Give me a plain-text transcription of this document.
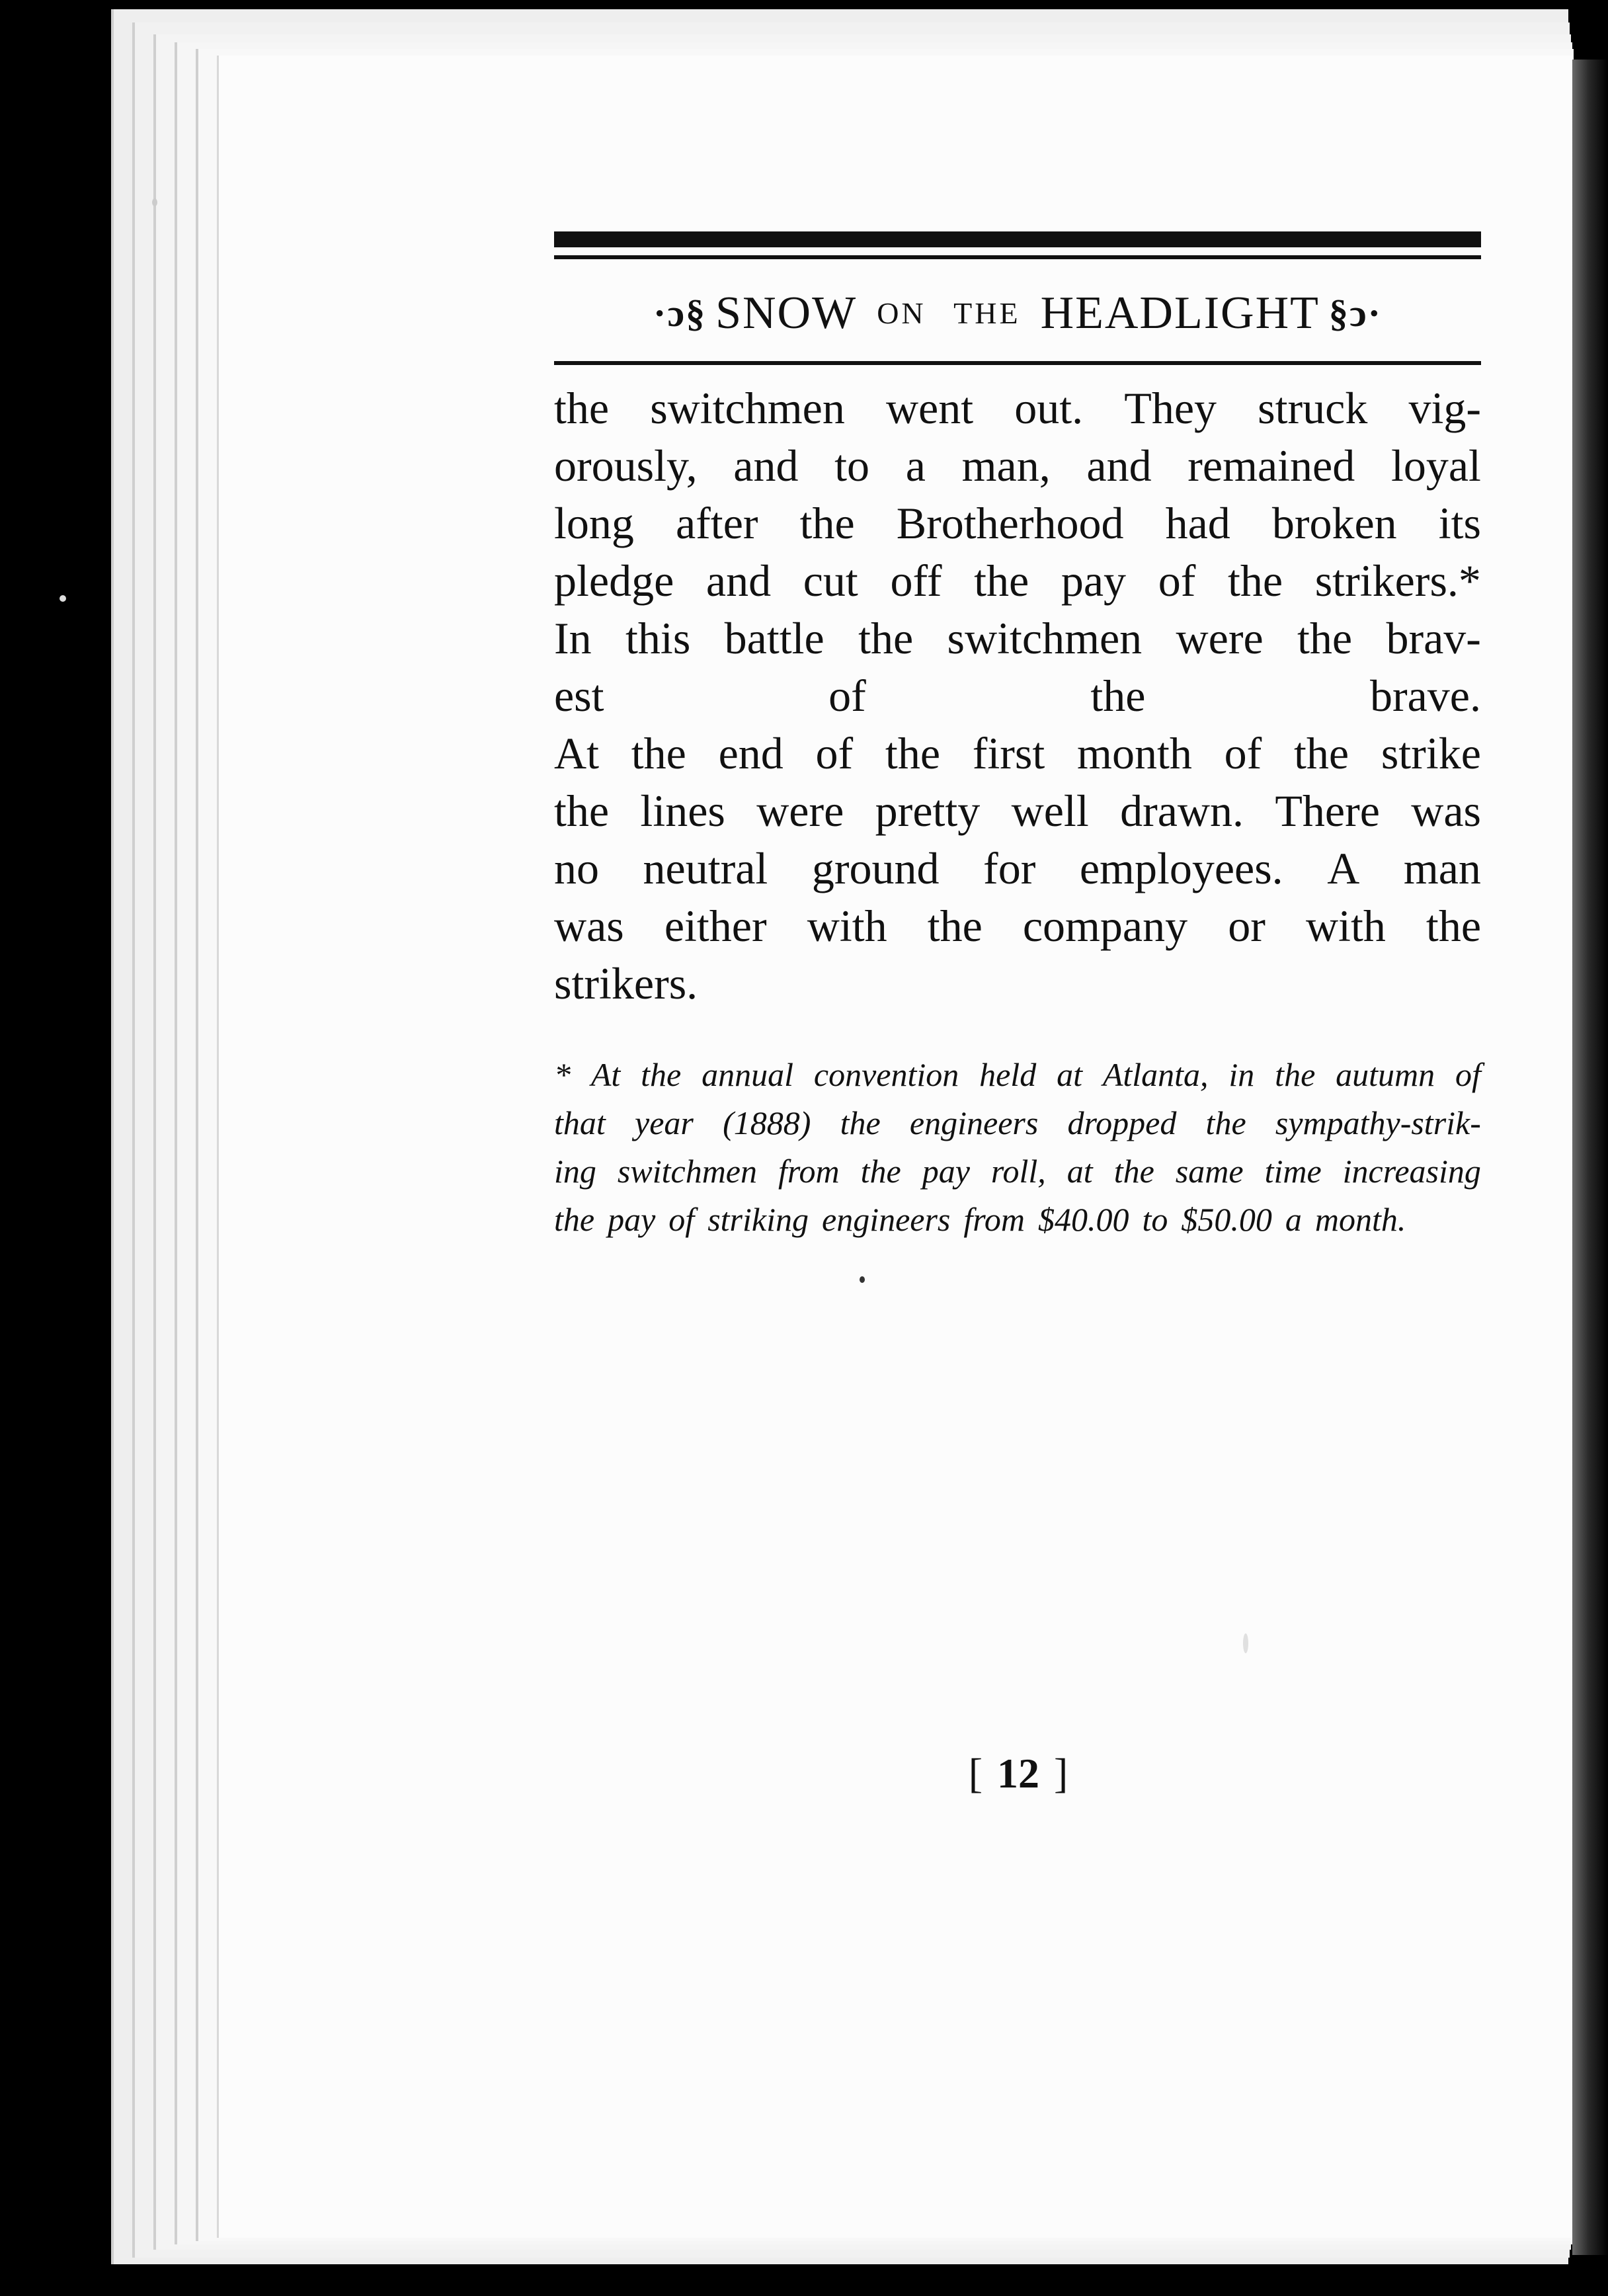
·ɔ§ SNOW ON THE HEADLIGHT §ↄ·
the switchmen went out. They struck vig-
orously, and to a man, and remained loyal
long after the Brotherhood had broken its
pledge and cut off the pay of the strikers.*
In this battle the switchmen were the brav-
est	of	the	brave.
At the end of the first month of the strike
the lines were pretty well drawn. There was
no neutral ground for employees. A man
was either with the company or with the
strikers.
* At the annual convention held at Atlanta, in the autumn of
that year (1888) the engineers dropped the sympathy-strik-
ing switchmen from the pay roll, at the same time increasing
the pay of striking engineers from $40.00 to $50.00 a month.
[ 12 ]
